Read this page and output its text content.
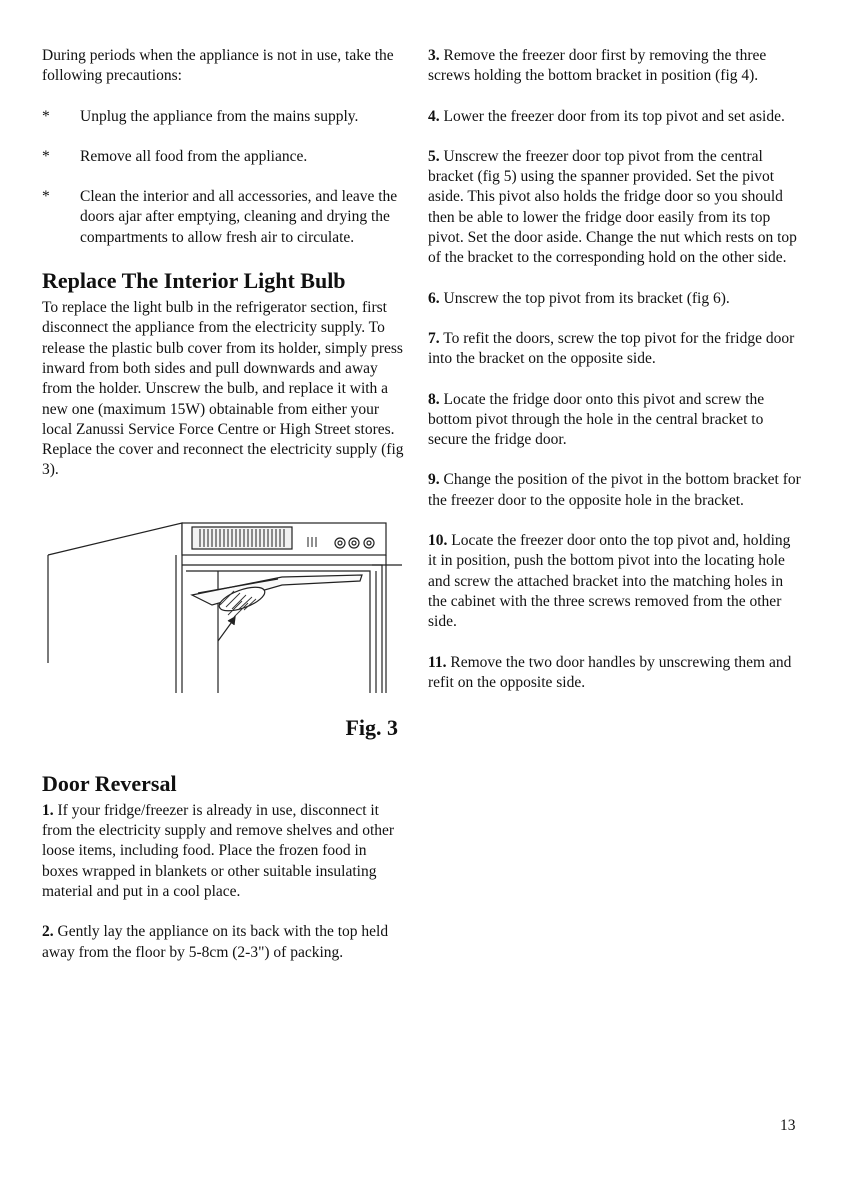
During periods when the appliance is not in use, take the following precautions:

* Unplug the appliance from the mains supply.
* Remove all food from the appliance.
* Clean the interior and all accessories, and leave the doors ajar after emptying, cleaning and drying the compartments to allow fresh air to circulate.
Replace The Interior Light Bulb

To replace the light bulb in the refrigerator section, first disconnect the appliance from the electricity supply. To release the plastic bulb cover from its holder, simply press inward from both sides and pull downwards and away from the holder. Unscrew the bulb, and replace it with a new one (maximum 15W) obtainable from either your local Zanussi Service Force Centre or High Street stores. Replace the cover and reconnect the electricity supply (fig 3).

Fig. 3
Door Reversal

1. If your fridge/freezer is already in use, disconnect it from the electricity supply and remove shelves and other loose items, including food. Place the frozen food in boxes wrapped in blankets or other suitable insulating material and put in a cool place.

2. Gently lay the appliance on its back with the top held away from the floor by 5-8cm (2-3") of packing.

3. Remove the freezer door first by removing the three screws holding the bottom bracket in position (fig 4).

4. Lower the freezer door from its top pivot and set aside.

5. Unscrew the freezer door top pivot from the central bracket (fig 5) using the spanner provided. Set the pivot aside. This pivot also holds the fridge door so you should then be able to lower the fridge door easily from its top pivot. Set the door aside. Change the nut which rests on top of the bracket to the corresponding hold on the other side.

6. Unscrew the top pivot from its bracket (fig 6).

7. To refit the doors, screw the top pivot for the fridge door into the bracket on the opposite side.

8. Locate the fridge door onto this pivot and screw the bottom pivot through the hole in the central bracket to secure the fridge door.

9. Change the position of the pivot in the bottom bracket for the freezer door to the opposite hole in the bracket.

10. Locate the freezer door onto the top pivot and, holding it in position, push the bottom pivot into the locating hole and screw the attached bracket into the matching holes in the cabinet with the three screws removed from the other side.

11. Remove the two door handles by unscrewing them and refit on the opposite side.

13
